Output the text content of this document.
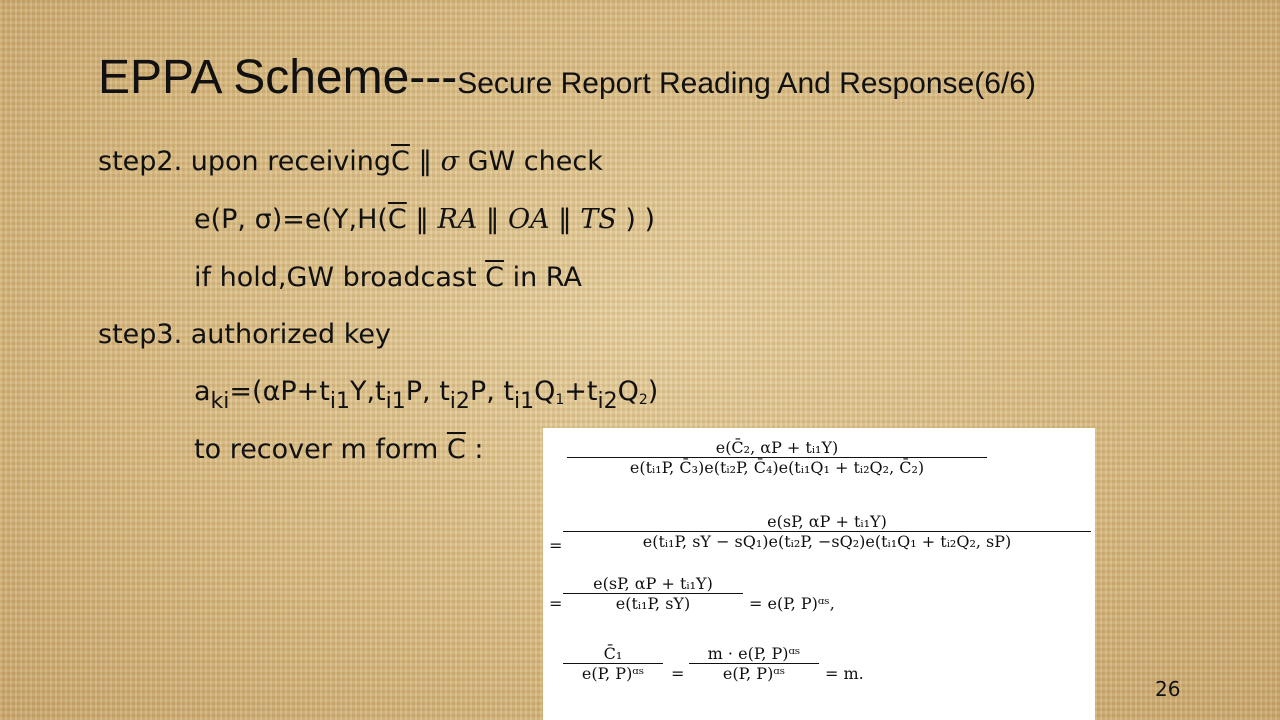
EPPA Scheme---Secure Report Reading And Response(6/6)
step2. upon $receiving\overline{C}$ ‖ σ GW check
e(P, $\sigma)=e(Y,H(\overline{C}$ ‖ RA ‖ OA ‖ TS ) )
if hold,GW broadcast $\overline{C}$ in RA
step3. authorized key
$a_{ki}=(\alpha P+t_{i1}Y,t_{i1}P$, $t_{i2}P$, $t_{i1}Q1+t_{i2}Q2$)
to recover m form $\overline{C}$ :	$\frac{\text{e(C̄₂, αP + tᵢ₁Y)}}{\text{e(tᵢ₁P, C̄₃)e(tᵢ₂P, C̄₄)e(tᵢ₁Q₁ + tᵢ₂Q₂, C̄₂)}}$
= $\frac{\text{e(sP, αP + tᵢ₁Y)}}{\text{e(tᵢ₁P, sY − sQ₁)e(tᵢ₂P, −sQ₂)e(tᵢ₁Q₁ + tᵢ₂Q₂, sP)}}$
= $\frac{\text{e(sP, αP + tᵢ₁Y)}}{\text{e(tᵢ₁P, sY)}} = e(P$, P)ᵅˢ,
$\frac{\text{C̄₁}}{\text{e(P, P)ᵅˢ}} = \frac{\text{m · e(P, P)ᵅˢ}}{\text{e(P, P)ᵅˢ}} = m$.
26
